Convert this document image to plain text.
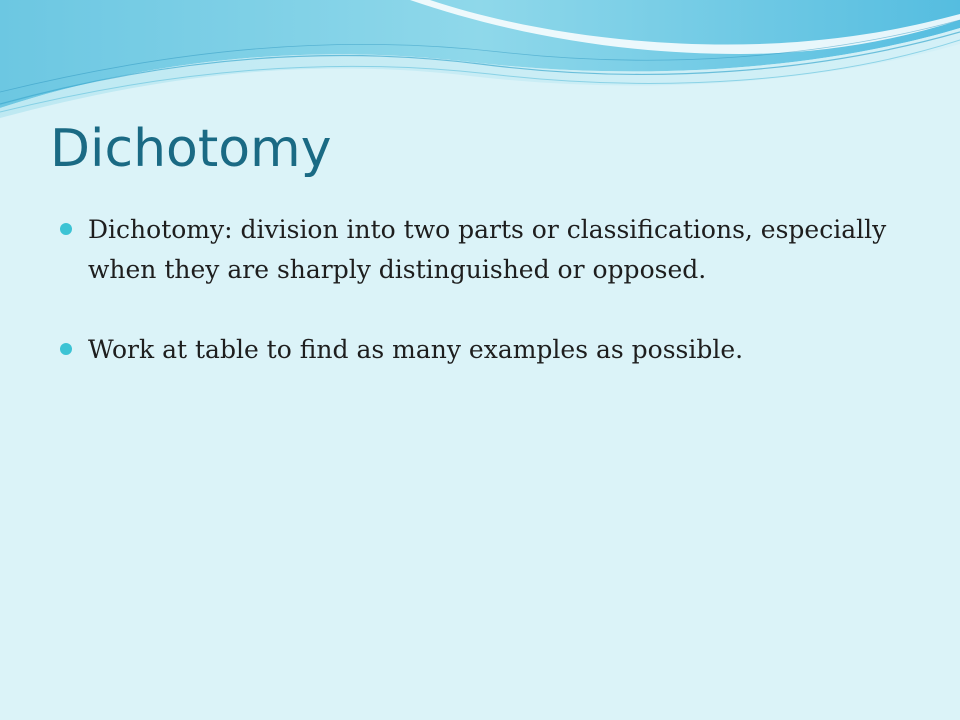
Dichotomy
Dichotomy: division into two parts or classifications, especially when they are sharply distinguished or opposed.
Work at table to find as many examples as possible.
